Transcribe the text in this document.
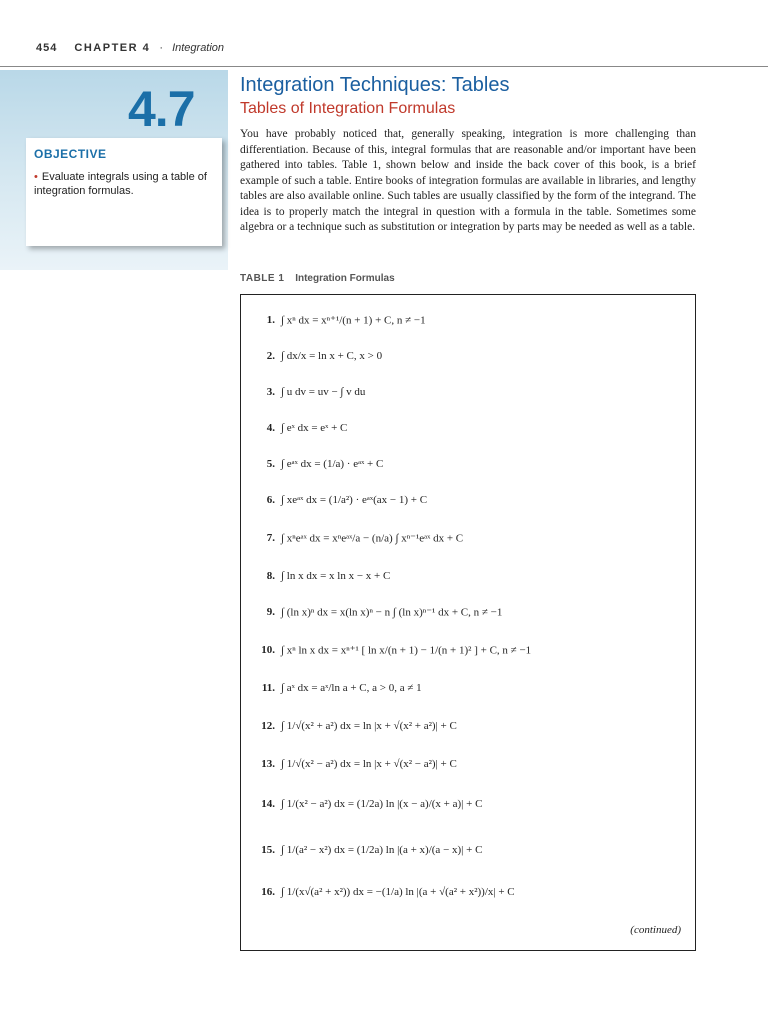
454 CHAPTER 4 · Integration
4.7
OBJECTIVE
• Evaluate integrals using a table of integration formulas.
Integration Techniques: Tables
Tables of Integration Formulas
You have probably noticed that, generally speaking, integration is more challenging than differentiation. Because of this, integral formulas that are reasonable and/or important have been gathered into tables. Table 1, shown below and inside the back cover of this book, is a brief example of such a table. Entire books of integration formulas are available in libraries, and lengthy tables are also available online. Such tables are usually classified by the form of the integrand. The idea is to properly match the integral in question with a formula in the table. Sometimes some algebra or a technique such as substitution or integration by parts may be needed as well as a table.
TABLE 1 Integration Formulas
1. ∫ xⁿ dx = xⁿ⁺¹/(n + 1) + C, n ≠ −1
2. ∫ dx/x = ln x + C, x > 0
3. ∫ u dv = uv − ∫ v du
4. ∫ eˣ dx = eˣ + C
5. ∫ eᵃˣ dx = (1/a) · eᵃˣ + C
6. ∫ xeᵃˣ dx = (1/a²) · eᵃˣ(ax − 1) + C
7. ∫ xⁿeᵃˣ dx = xⁿeᵃˣ/a − (n/a) ∫ xⁿ⁻¹eᵃˣ dx + C
8. ∫ ln x dx = x ln x − x + C
9. ∫ (ln x)ⁿ dx = x(ln x)ⁿ − n ∫ (ln x)ⁿ⁻¹ dx + C, n ≠ −1
10. ∫ xⁿ ln x dx = xⁿ⁺¹ [ ln x/(n + 1) − 1/(n + 1)² ] + C, n ≠ −1
11. ∫ aˣ dx = aˣ/ln a + C, a > 0, a ≠ 1
12. ∫ 1/√(x² + a²) dx = ln |x + √(x² + a²)| + C
13. ∫ 1/√(x² − a²) dx = ln |x + √(x² − a²)| + C
14. ∫ 1/(x² − a²) dx = (1/2a) ln |(x − a)/(x + a)| + C
15. ∫ 1/(a² − x²) dx = (1/2a) ln |(a + x)/(a − x)| + C
16. ∫ 1/(x√(a² + x²)) dx = −(1/a) ln |(a + √(a² + x²))/x| + C
(continued)
